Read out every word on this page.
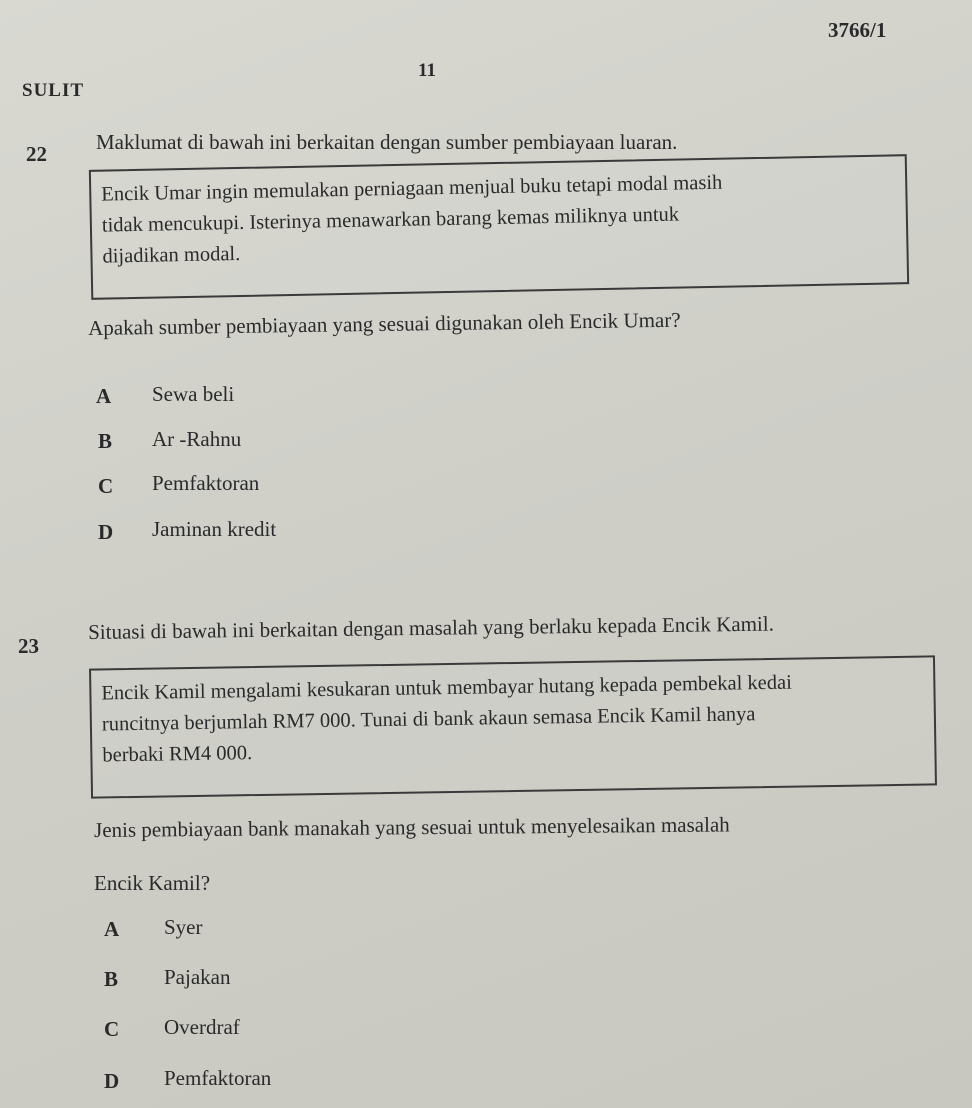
3766/1
11
SULIT
22 Maklumat di bawah ini berkaitan dengan sumber pembiayaan luaran.

Encik Umar ingin memulakan perniagaan menjual buku tetapi modal masih

tidak mencukupi. Isterinya menawarkan barang kemas miliknya untuk

dijadikan modal.

Apakah sumber pembiayaan yang sesuai digunakan oleh Encik Umar?
A Sewa beli
B Ar -Rahnu
C Pemfaktoran
D Jaminan kredit
23
Situasi di bawah ini berkaitan dengan masalah yang berlaku kepada Encik Kamil.

Encik Kamil mengalami kesukaran untuk membayar hutang kepada pembekal kedai

runcitnya berjumlah RM7 000. Tunai di bank akaun semasa Encik Kamil hanya

berbaki RM4 000.

Jenis pembiayaan bank manakah yang sesuai untuk menyelesaikan masalah
Encik Kamil?
A Syer
B Pajakan
C Overdraf
D Pemfaktoran
